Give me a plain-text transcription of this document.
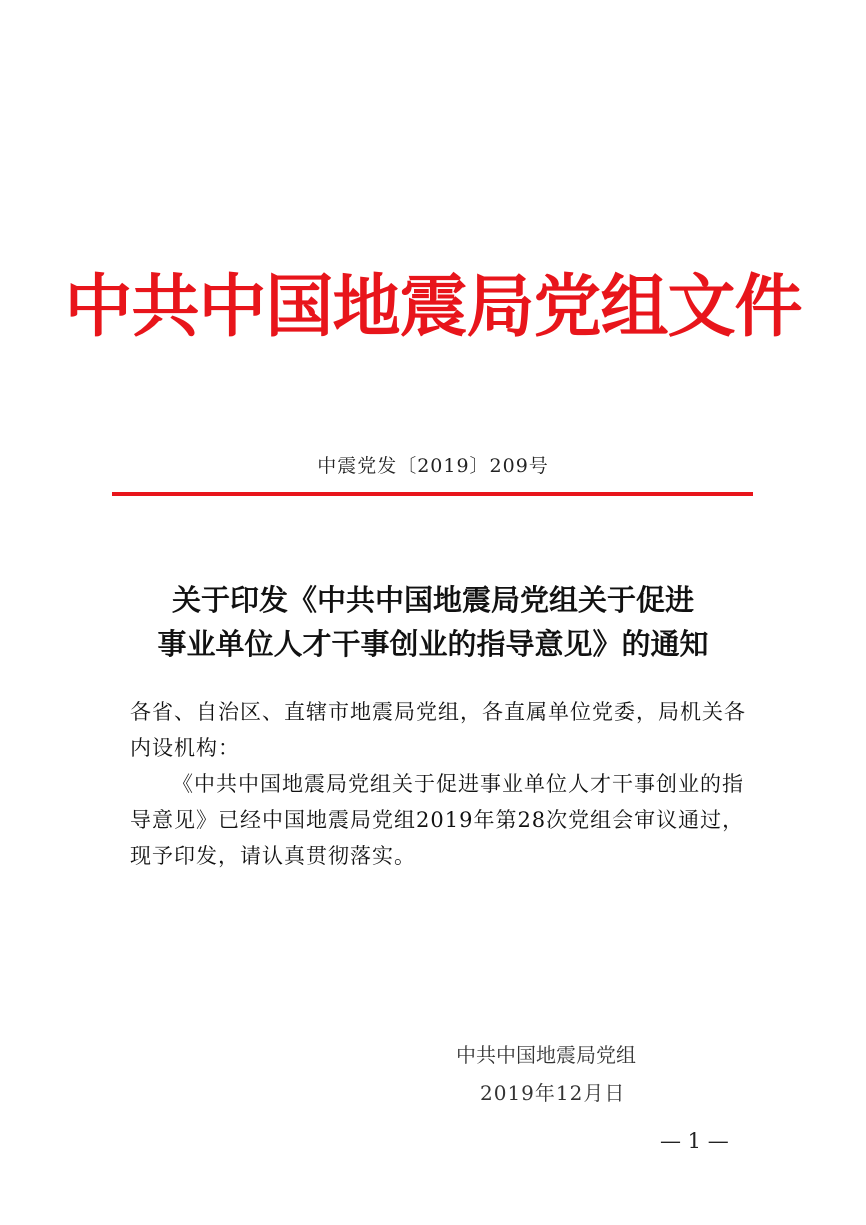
中共中国地震局党组文件
中震党发〔2019〕209号
关于印发《中共中国地震局党组关于促进
事业单位人才干事创业的指导意见》的通知

各省、自治区、直辖市地震局党组，各直属单位党委，局机关各内设机构：

《中共中国地震局党组关于促进事业单位人才干事创业的指导意见》已经中国地震局党组2019年第28次党组会审议通过，现予印发，请认真贯彻落实。

中共中国地震局党组
2019年12月日
— 1 —
